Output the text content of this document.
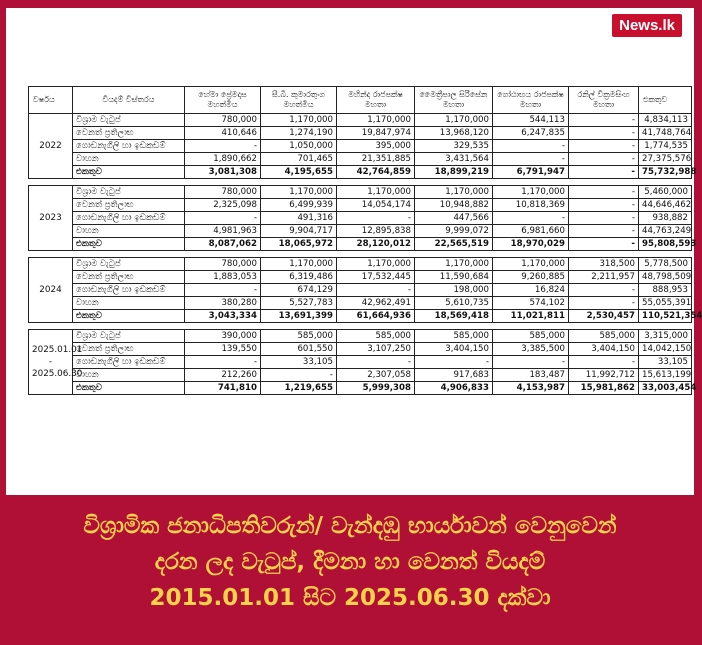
News.lk
වර්ෂය	වියදම් විස්තරය	හේමා ප්‍රේමදාස මහත්මිය	සී.බී. කුමාරතුංග මහත්මිය	මහින්ද රාජපක්ෂ මහතා	මෛත්‍රීපාල සිරිසේන මහතා	ගෝඨාභය රාජපක්ෂ මහතා	රනිල් වික්‍රමසිංහ මහතා	එකතුව
2022	විශ්‍රාම වැටුප්	780,000	1,170,000	1,170,000	1,170,000	544,113	-	4,834,113
	වෙනත් ප්‍රතිලාභ	410,646	1,274,190	19,847,974	13,968,120	6,247,835	-	41,748,764
	ගොඩනැගිලි හා ඉඩකඩම්	-	1,050,000	395,000	329,535	-	-	1,774,535
	වාහන	1,890,662	701,465	21,351,885	3,431,564	-	-	27,375,576
	එකතුව	3,081,308	4,195,655	42,764,859	18,899,219	6,791,947	-	75,732,988

2023	විශ්‍රාම වැටුප්	780,000	1,170,000	1,170,000	1,170,000	1,170,000	-	5,460,000
	වෙනත් ප්‍රතිලාභ	2,325,098	6,499,939	14,054,174	10,948,882	10,818,369	-	44,646,462
	ගොඩනැගිලි හා ඉඩකඩම්	-	491,316	-	447,566	-	-	938,882
	වාහන	4,981,963	9,904,717	12,895,838	9,999,072	6,981,660	-	44,763,249
	එකතුව	8,087,062	18,065,972	28,120,012	22,565,519	18,970,029	-	95,808,593

2024	විශ්‍රාම වැටුප්	780,000	1,170,000	1,170,000	1,170,000	1,170,000	318,500	5,778,500
	වෙනත් ප්‍රතිලාභ	1,883,053	6,319,486	17,532,445	11,590,684	9,260,885	2,211,957	48,798,509
	ගොඩනැගිලි හා ඉඩකඩම්	-	674,129	-	198,000	16,824	-	888,953
	වාහන	380,280	5,527,783	42,962,491	5,610,735	574,102	-	55,055,391
	එකතුව	3,043,334	13,691,399	61,664,936	18,569,418	11,021,811	2,530,457	110,521,354

2025.01.01 - 2025.06.30	විශ්‍රාම වැටුප්	390,000	585,000	585,000	585,000	585,000	585,000	3,315,000
	වෙනත් ප්‍රතිලාභ	139,550	601,550	3,107,250	3,404,150	3,385,500	3,404,150	14,042,150
	ගොඩනැගිලි හා ඉඩකඩම්	-	33,105	-	-	-	-	33,105
	වාහන	212,260	-	2,307,058	917,683	183,487	11,992,712	15,613,199
	එකතුව	741,810	1,219,655	5,999,308	4,906,833	4,153,987	15,981,862	33,003,454
විශ්‍රාමික ජනාධිපතිවරුන්/ වැන්දඹු භාර්යාවන් වෙනුවෙන්
දරන ලද වැටුප්, දීමනා හා වෙනත් වියදම්
2015.01.01 සිට 2025.06.30 දක්වා
